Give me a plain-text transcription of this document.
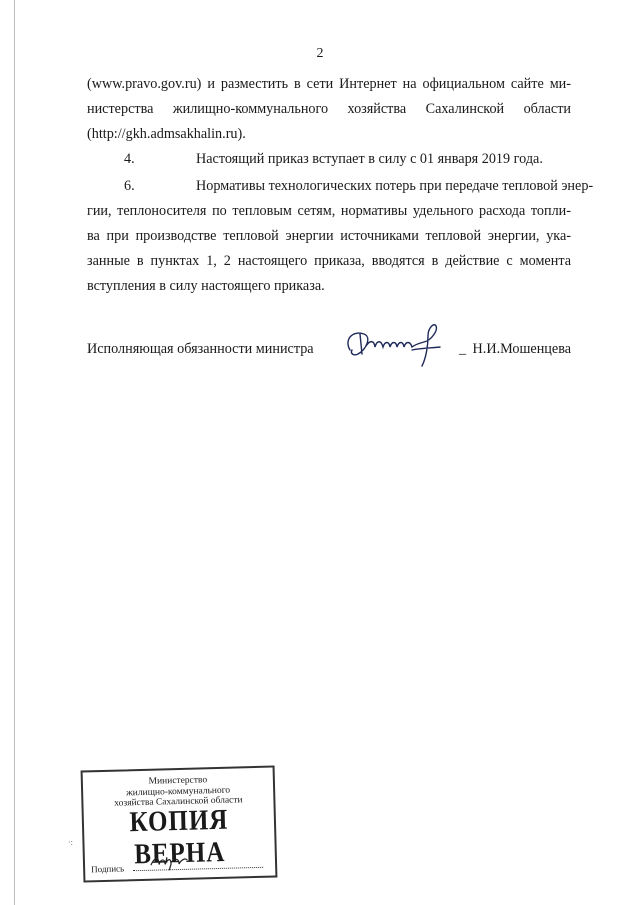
2
(www.pravo.gov.ru) и разместить в сети Интернет на официальном сайте ми-
нистерства жилищно-коммунального хозяйства Сахалинской области
(http://gkh.admsakhalin.ru).
4.	Настоящий приказ вступает в силу с 01 января 2019 года.
6.	Нормативы технологических потерь при передаче тепловой энер-
гии, теплоносителя по тепловым сетям, нормативы удельного расхода топли-
ва при производстве тепловой энергии источниками тепловой энергии, ука-
занные в пунктах 1, 2 настоящего приказа, вводятся в действие с момента
вступления в силу настоящего приказа.
Исполняющая обязанности министра	_ Н.И.Мошенцева
·:
Министерство
жилищно-коммунального
хозяйства Сахалинской области
КОПИЯ ВЕРНА
Подпись
